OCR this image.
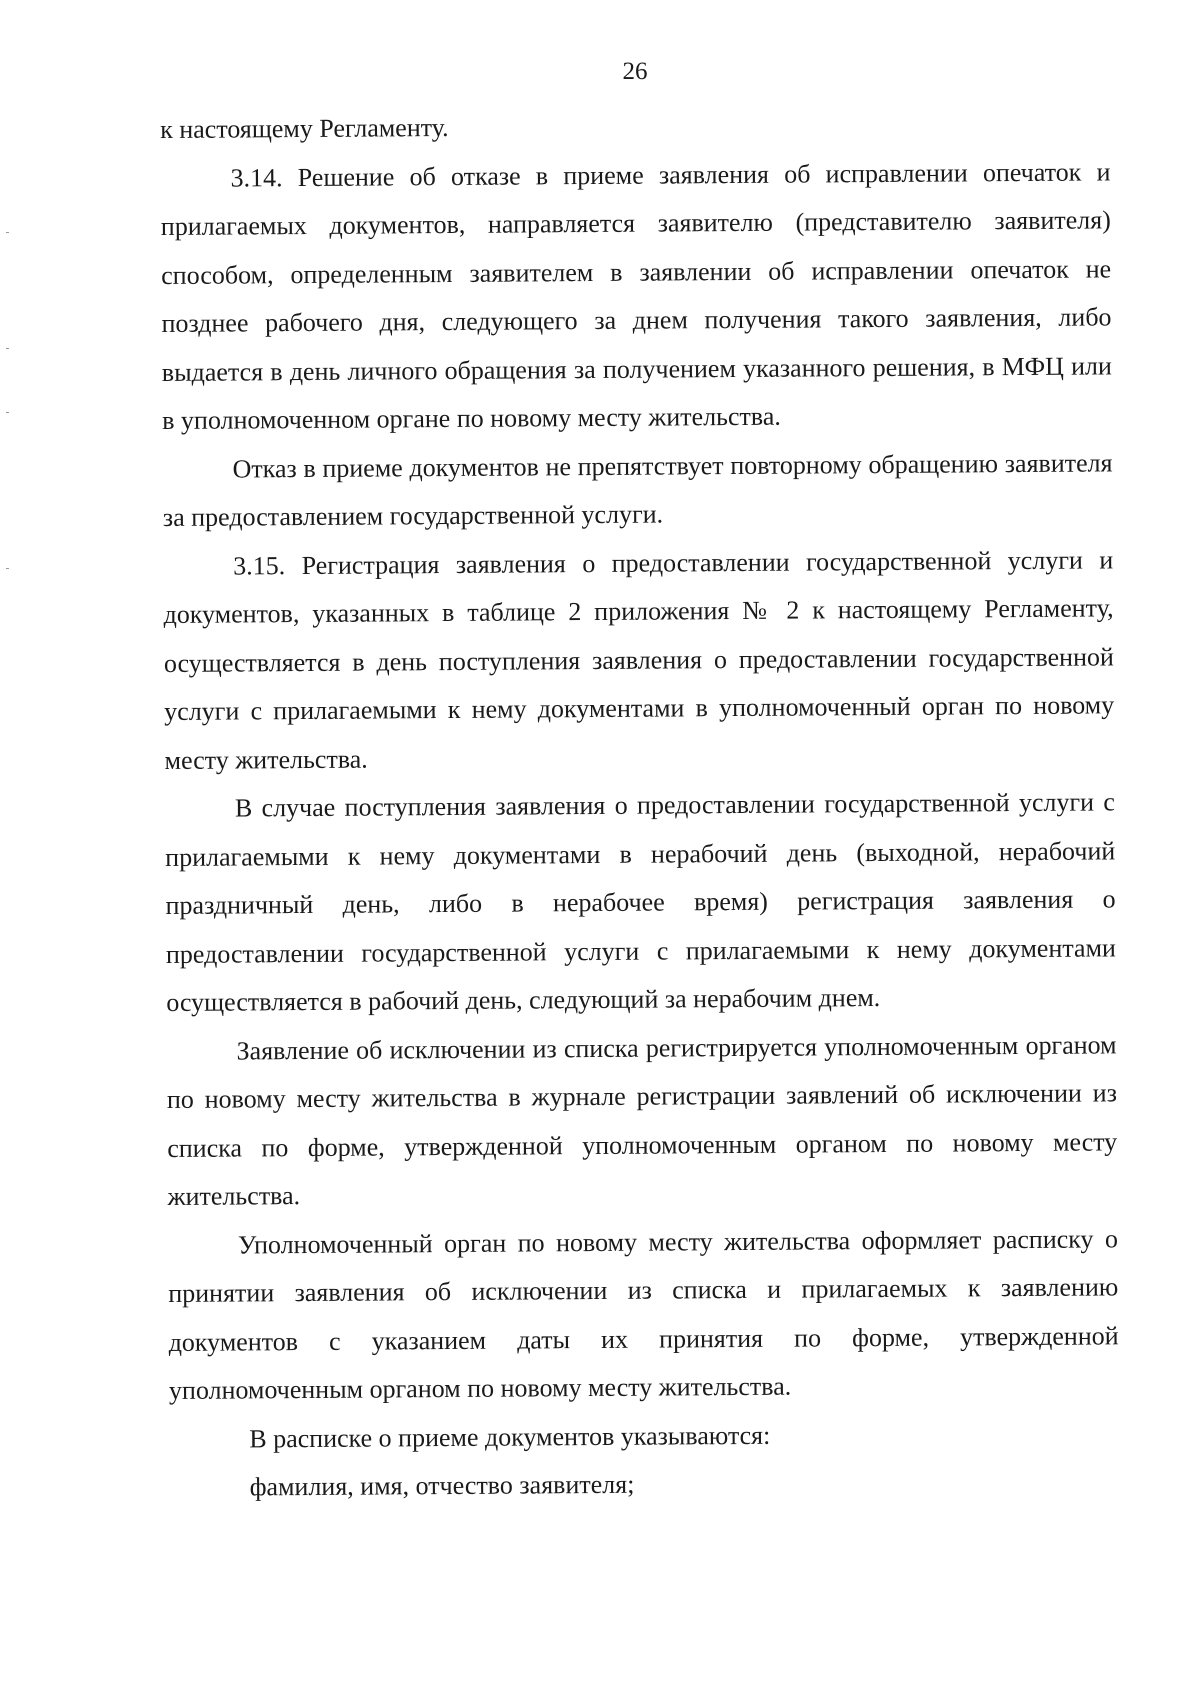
26

к настоящему Регламенту.

3.14. Решение об отказе в приеме заявления об исправлении опечаток и прилагаемых документов, направляется заявителю (представителю заявителя) способом, определенным заявителем в заявлении об исправлении опечаток не позднее рабочего дня, следующего за днем получения такого заявления, либо выдается в день личного обращения за получением указанного решения, в МФЦ или в уполномоченном органе по новому месту жительства.

Отказ в приеме документов не препятствует повторному обращению заявителя за предоставлением государственной услуги.

3.15. Регистрация заявления о предоставлении государственной услуги и документов, указанных в таблице 2 приложения № 2 к настоящему Регламенту, осуществляется в день поступления заявления о предоставлении государственной услуги с прилагаемыми к нему документами в уполномоченный орган по новому месту жительства.

В случае поступления заявления о предоставлении государственной услуги с прилагаемыми к нему документами в нерабочий день (выходной, нерабочий праздничный день, либо в нерабочее время) регистрация заявления о предоставлении государственной услуги с прилагаемыми к нему документами осуществляется в рабочий день, следующий за нерабочим днем.

Заявление об исключении из списка регистрируется уполномоченным органом по новому месту жительства в журнале регистрации заявлений об исключении из списка по форме, утвержденной уполномоченным органом по новому месту жительства.

Уполномоченный орган по новому месту жительства оформляет расписку о принятии заявления об исключении из списка и прилагаемых к заявлению документов с указанием даты их принятия по форме, утвержденной уполномоченным органом по новому месту жительства.

В расписке о приеме документов указываются:

фамилия, имя, отчество заявителя;
